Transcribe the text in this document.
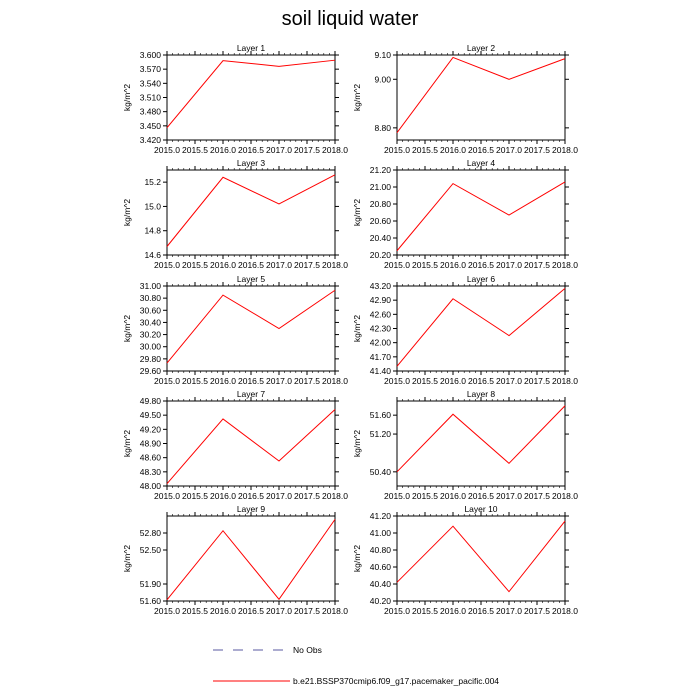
soil liquid water
Layer 1
kg/m^2
2015.0 2015.5 2016.0 2016.5 2017.0 2017.5 2018.0
3.420
3.450
3.480
3.510
3.540
3.570
3.600
Layer 2
kg/m^2
2015.0 2015.5 2016.0 2016.5 2017.0 2017.5 2018.0
8.80
9.00
9.10
Layer 3
kg/m^2
2015.0 2015.5 2016.0 2016.5 2017.0 2017.5 2018.0
14.6
14.8
15.0
15.2
Layer 4
kg/m^2
2015.0 2015.5 2016.0 2016.5 2017.0 2017.5 2018.0
20.20
20.40
20.60
20.80
21.00
21.20
Layer 5
kg/m^2
2015.0 2015.5 2016.0 2016.5 2017.0 2017.5 2018.0
29.60
29.80
30.00
30.20
30.40
30.60
30.80
31.00
Layer 6
kg/m^2
2015.0 2015.5 2016.0 2016.5 2017.0 2017.5 2018.0
41.40
41.70
42.00
42.30
42.60
42.90
43.20
Layer 7
kg/m^2
2015.0 2015.5 2016.0 2016.5 2017.0 2017.5 2018.0
48.00
48.30
48.60
48.90
49.20
49.50
49.80
Layer 8
kg/m^2
2015.0 2015.5 2016.0 2016.5 2017.0 2017.5 2018.0
50.40
51.20
51.60
Layer 9
kg/m^2
2015.0 2015.5 2016.0 2016.5 2017.0 2017.5 2018.0
51.60
51.90
52.50
52.80
Layer 10
kg/m^2
2015.0 2015.5 2016.0 2016.5 2017.0 2017.5 2018.0
40.20
40.40
40.60
40.80
41.00
41.20
No Obs
b.e21.BSSP370cmip6.f09_g17.pacemaker_pacific.004
